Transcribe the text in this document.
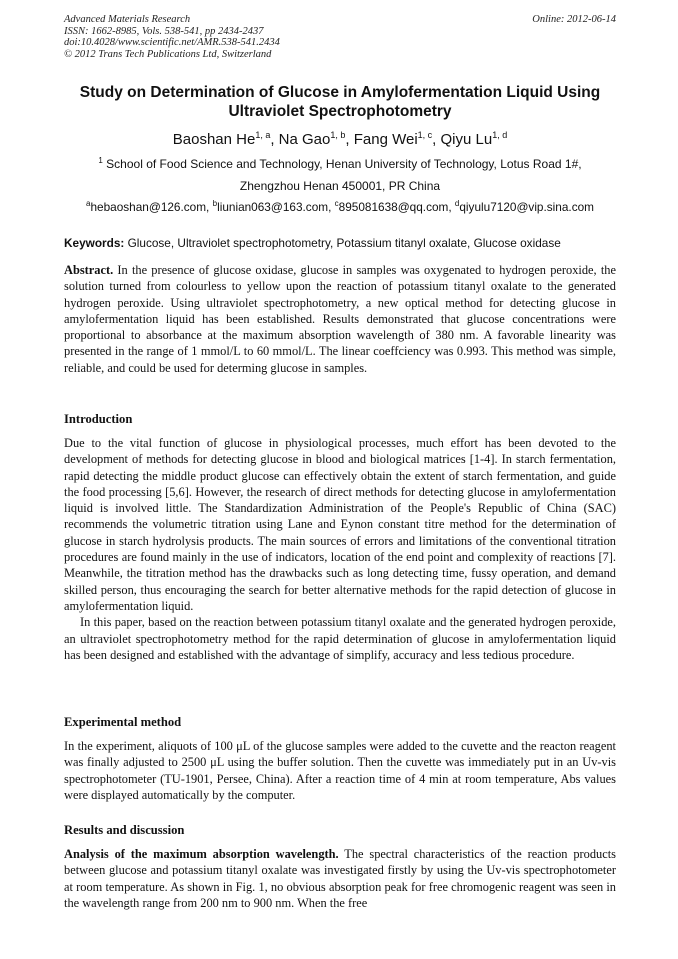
Advanced Materials Research	Online: 2012-06-14
ISSN: 1662-8985, Vols. 538-541, pp 2434-2437
doi:10.4028/www.scientific.net/AMR.538-541.2434
© 2012 Trans Tech Publications Ltd, Switzerland
Study on Determination of Glucose in Amylofermentation Liquid Using Ultraviolet Spectrophotometry
Baoshan He$^{1, a}$, Na Gao$^{1, b}$, Fang Wei$^{1, c}$, Qiyu Lu$^{1, d}$
$^1$ School of Food Science and Technology, Henan University of Technology, Lotus Road 1#,
Zhengzhou Henan 450001, PR China
$^a$hebaoshan@126.com, $^b$liunian063@163.com, $^c$895081638@qq.com, $^d$qiyulu7120@vip.sina.com
Keywords: Glucose, Ultraviolet spectrophotometry, Potassium titanyl oxalate, Glucose oxidase
Abstract. In the presence of glucose oxidase, glucose in samples was oxygenated to hydrogen peroxide, the solution turned from colourless to yellow upon the reaction of potassium titanyl oxalate to the generated hydrogen peroxide. Using ultraviolet spectrophotometry, a new optical method for detecting glucose in amylofermentation liquid has been established. Results demonstrated that glucose concentrations were proportional to absorbance at the maximum absorption wavelength of 380 nm. A favorable linearity was presented in the range of 1 mmol/L to 60 mmol/L. The linear coeffciency was 0.993. This method was simple, reliable, and could be used for determing glucose in samples.
Introduction

Due to the vital function of glucose in physiological processes, much effort has been devoted to the development of methods for detecting glucose in blood and biological matrices [1-4]. In starch fermentation, rapid detecting the middle product glucose can effectively obtain the extent of starch fermentation, and guide the food processing [5,6]. However, the research of direct methods for detecting glucose in amylofermentation liquid is involved little. The Standardization Administration of the People's Republic of China (SAC) recommends the volumetric titration using Lane and Eynon constant titre method for the determination of glucose in starch hydrolysis products. The main sources of errors and limitations of the conventional titration procedures are found mainly in the use of indicators, location of the end point and complexity of reactions [7]. Meanwhile, the titration method has the drawbacks such as long detecting time, fussy operation, and demand skilled person, thus encouraging the search for better alternative methods for the rapid detection of glucose in amylofermentation liquid.

In this paper, based on the reaction between potassium titanyl oxalate and the generated hydrogen peroxide, an ultraviolet spectrophotometry method for the rapid determination of glucose in amylofermentation liquid has been designed and established with the advantage of simplify, accuracy and less tedious procedure.

Experimental method

In the experiment, aliquots of 100 μL of the glucose samples were added to the cuvette and the reacton reagent was finally adjusted to 2500 μL using the buffer solution. Then the cuvette was immediately put in an Uv-vis spectrophotometer (TU-1901, Persee, China). After a reaction time of 4 min at room temperature, Abs values were displayed automatically by the computer.

Results and discussion

Analysis of the maximum absorption wavelength. The spectral characteristics of the reaction products between glucose and potassium titanyl oxalate was investigated firstly by using the Uv-vis spectrophotometer at room temperature. As shown in Fig. 1, no obvious absorption peak for free chromogenic reagent was seen in the wavelength range from 200 nm to 900 nm. When the free
